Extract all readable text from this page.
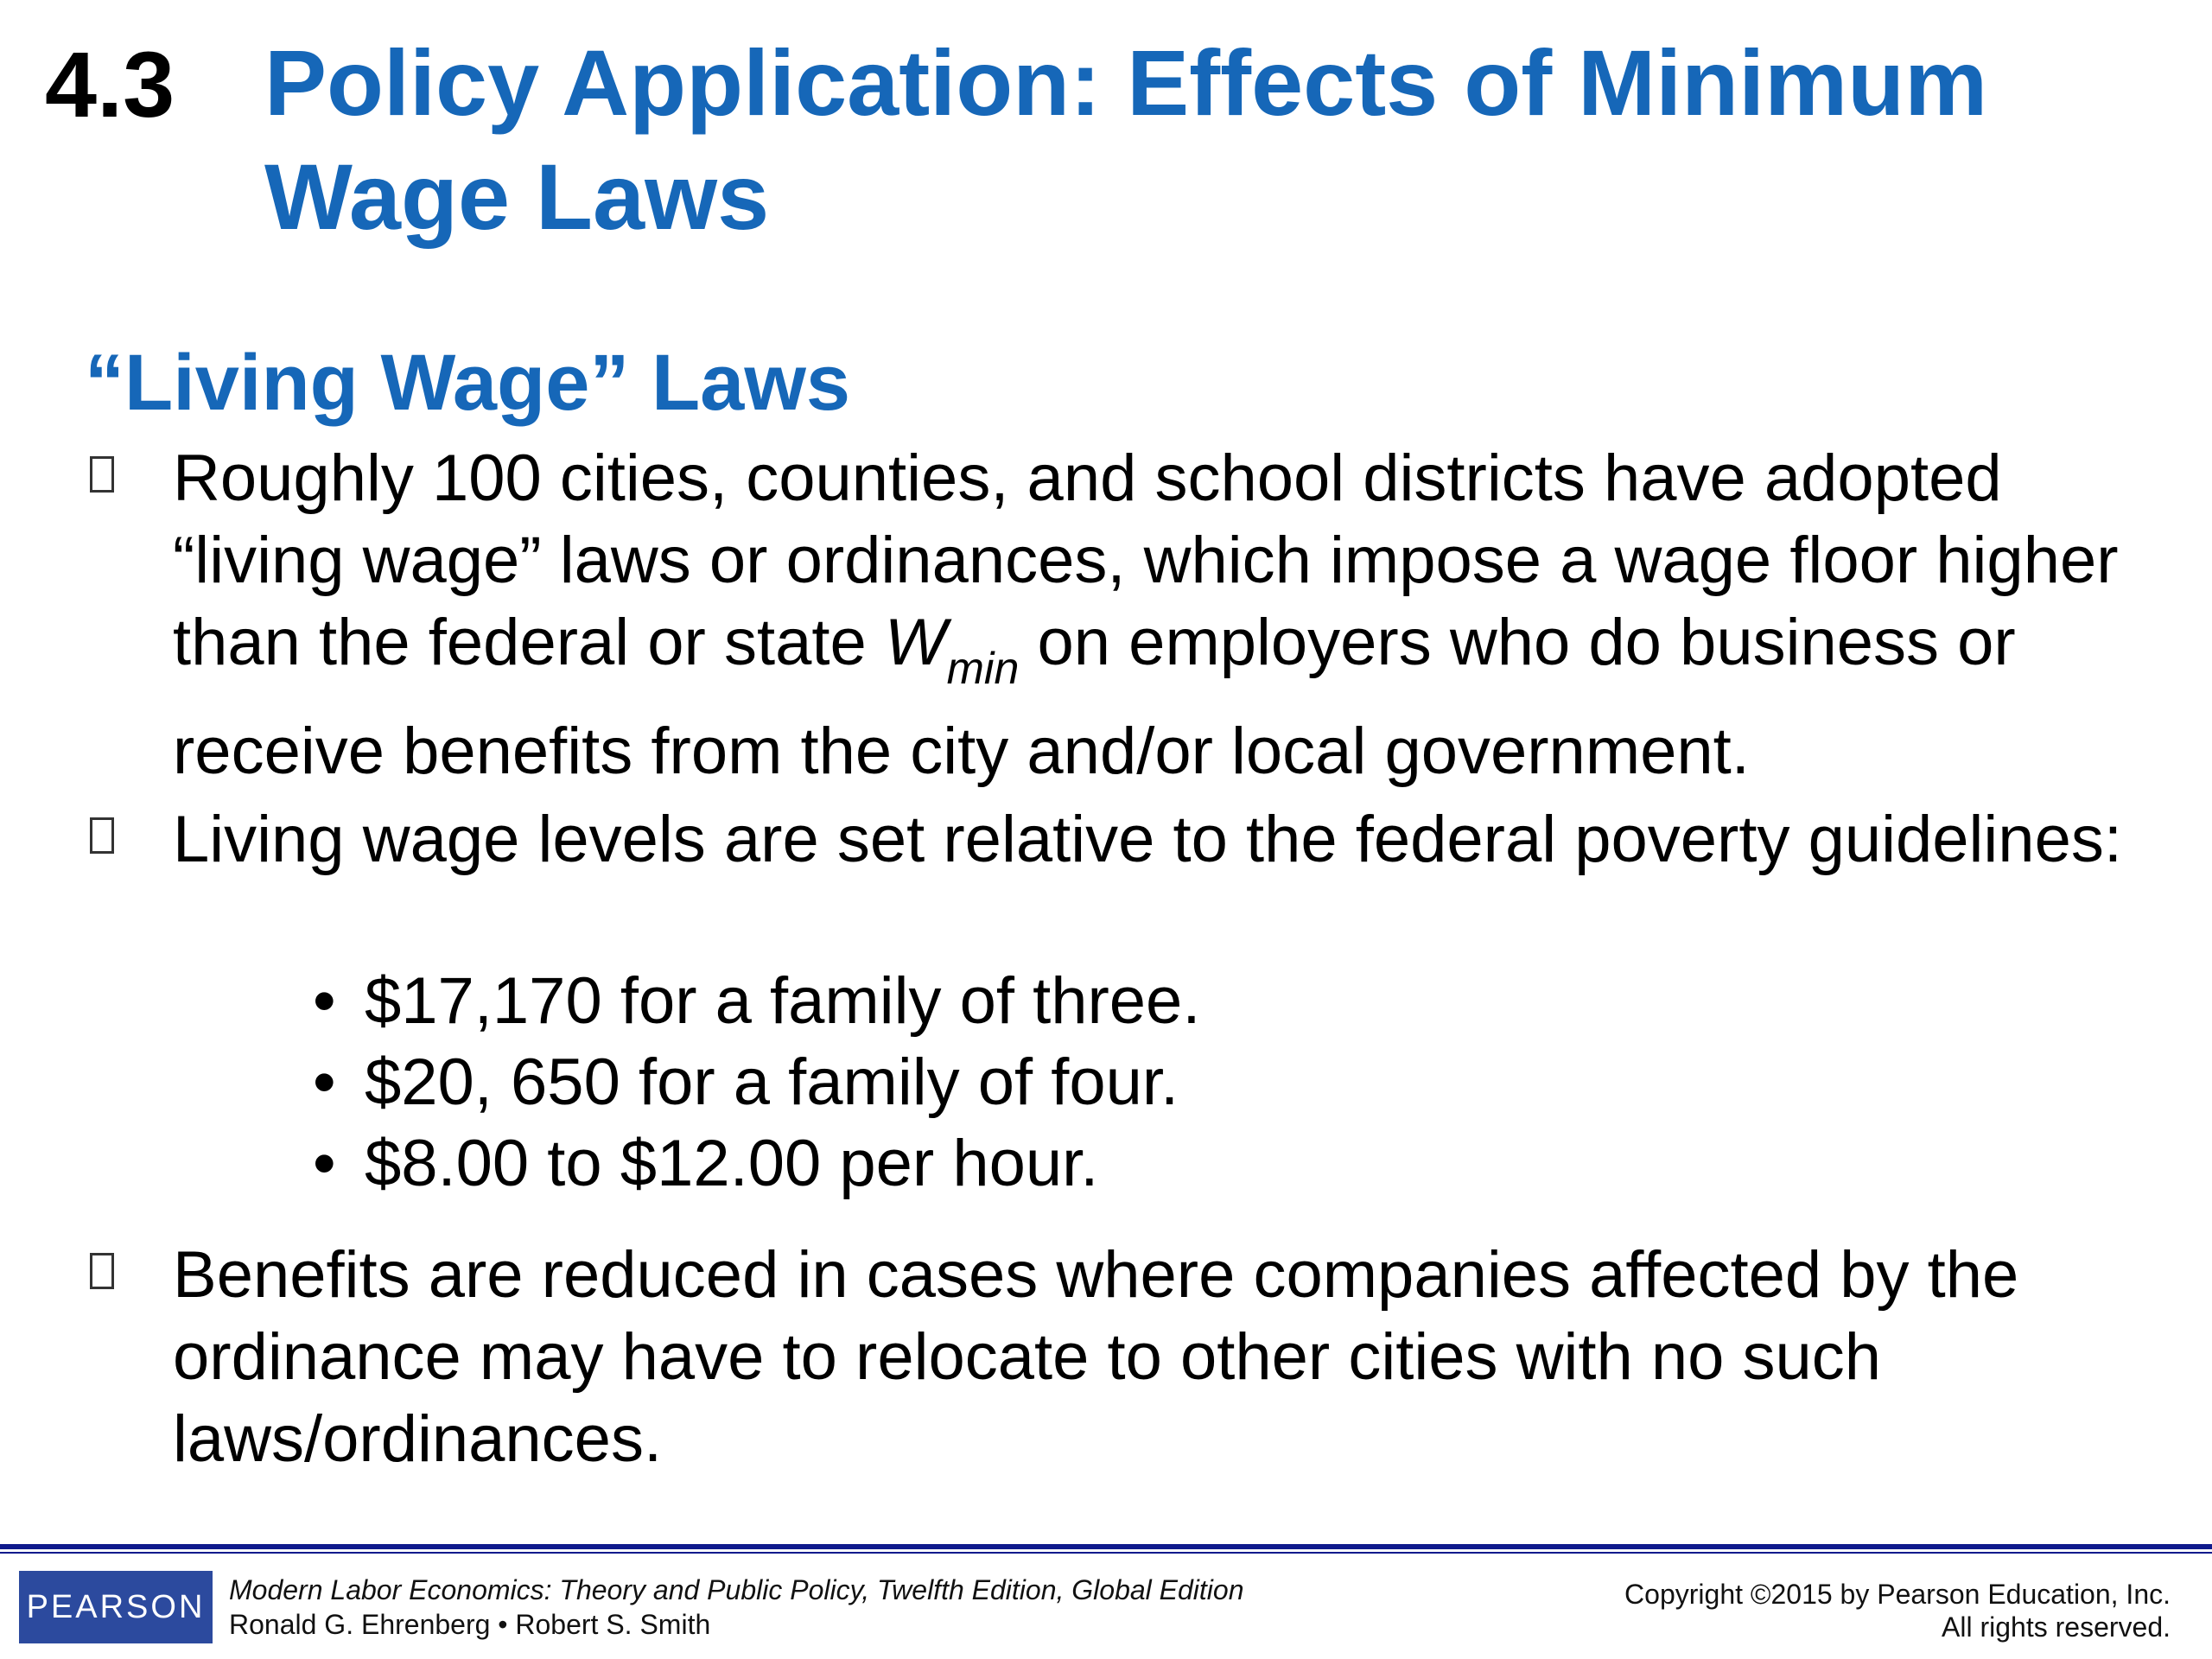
4.3 Policy Application: Effects of Minimum
Wage Laws
“Living Wage” Laws
Roughly 100 cities, counties, and school districts have adopted “living wage” laws or ordinances, which impose a wage floor higher than the federal or state $W_{min}$ on employers who do business or receive benefits from the city and/or local government.
Living wage levels are set relative to the federal poverty guidelines:
• $17,170 for a family of three.
• $20, 650 for a family of four.
• $8.00 to $12.00 per hour.
Benefits are reduced in cases where companies affected by the ordinance may have to relocate to other cities with no such laws/ordinances.
PEARSON Modern Labor Economics: Theory and Public Policy, Twelfth Edition, Global Edition
Ronald G. Ehrenberg • Robert S. Smith
Copyright ©2015 by Pearson Education, Inc.
All rights reserved.
